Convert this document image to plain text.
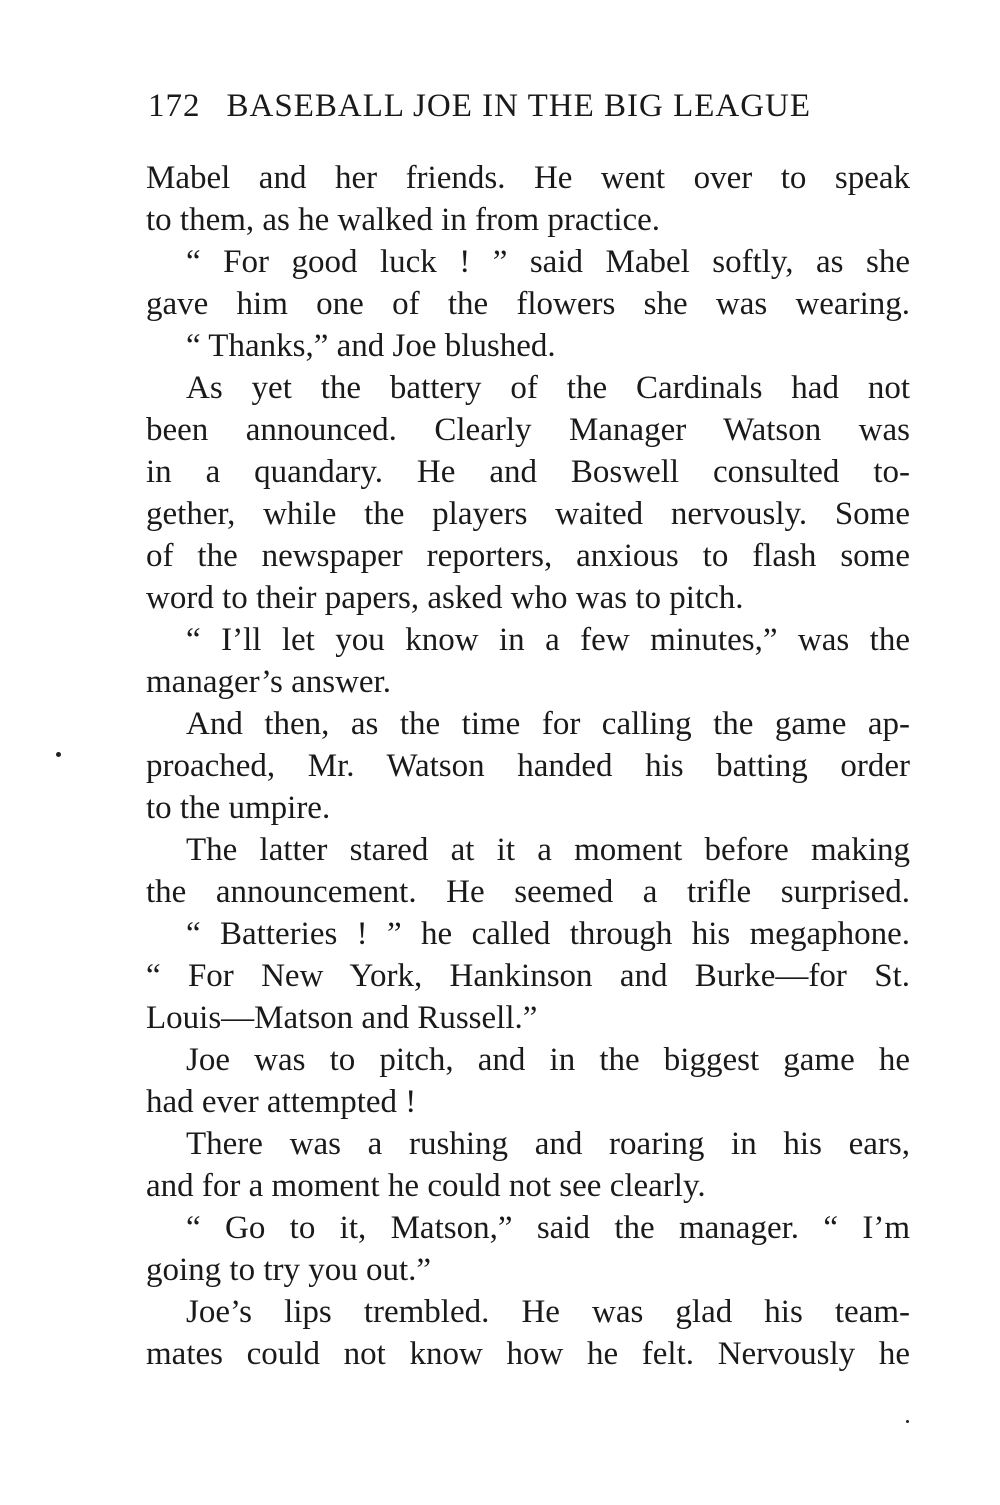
172 BASEBALL JOE IN THE BIG LEAGUE
Mabel and her friends. He went over to speak
to them, as he walked in from practice.
“ For good luck ! ” said Mabel softly, as she
gave him one of the flowers she was wearing.
“ Thanks,” and Joe blushed.
As yet the battery of the Cardinals had not
been announced. Clearly Manager Watson was
in a quandary. He and Boswell consulted to-
gether, while the players waited nervously. Some
of the newspaper reporters, anxious to flash some
word to their papers, asked who was to pitch.
“ I’ll let you know in a few minutes,” was the
manager’s answer.
And then, as the time for calling the game ap-
proached, Mr. Watson handed his batting order
to the umpire.
The latter stared at it a moment before making
the announcement. He seemed a trifle surprised.
“ Batteries ! ” he called through his megaphone.
“ For New York, Hankinson and Burke—for St.
Louis—Matson and Russell.”
Joe was to pitch, and in the biggest game he
had ever attempted !
There was a rushing and roaring in his ears,
and for a moment he could not see clearly.
“ Go to it, Matson,” said the manager. “ I’m
going to try you out.”
Joe’s lips trembled. He was glad his team-
mates could not know how he felt. Nervously he
